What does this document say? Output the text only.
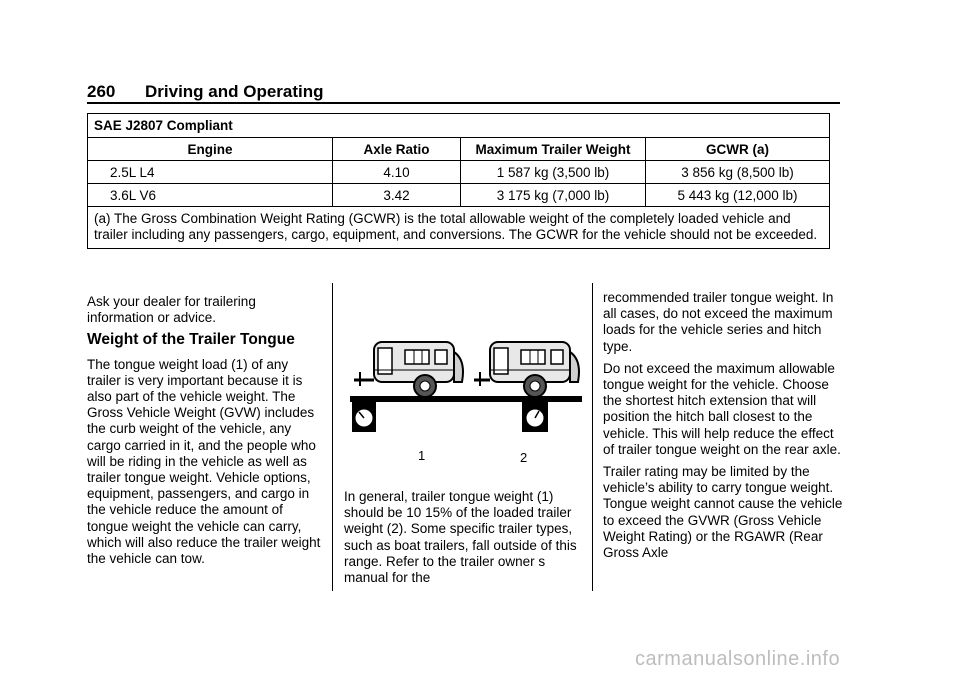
260 Driving and Operating
SAE J2807 Compliant			
Engine	Axle Ratio	Maximum Trailer Weight	GCWR (a)
2.5L L4	4.10	1 587 kg (3,500 lb)	3 856 kg (8,500 lb)
3.6L V6	3.42	3 175 kg (7,000 lb)	5 443 kg (12,000 lb)
(a) The Gross Combination Weight Rating (GCWR) is the total allowable weight of the completely loaded vehicle and trailer including any passengers, cargo, equipment, and conversions. The GCWR for the vehicle should not be exceeded.			

Ask your dealer for trailering information or advice.

Weight of the Trailer Tongue

The tongue weight load (1) of any trailer is very important because it is also part of the vehicle weight. The Gross Vehicle Weight (GVW) includes the curb weight of the vehicle, any cargo carried in it, and the people who will be riding in the vehicle as well as trailer tongue weight. Vehicle options, equipment, passengers, and cargo in the vehicle reduce the amount of tongue weight the vehicle can carry, which will also reduce the trailer weight the vehicle can tow.

1	2

In general, trailer tongue weight (1) should be 10 15% of the loaded trailer weight (2). Some specific trailer types, such as boat trailers, fall outside of this range. Refer to the trailer owner s manual for the

recommended trailer tongue weight. In all cases, do not exceed the maximum loads for the vehicle series and hitch type.

Do not exceed the maximum allowable tongue weight for the vehicle. Choose the shortest hitch extension that will position the hitch ball closest to the vehicle. This will help reduce the effect of trailer tongue weight on the rear axle.

Trailer rating may be limited by the vehicle’s ability to carry tongue weight. Tongue weight cannot cause the vehicle to exceed the GVWR (Gross Vehicle Weight Rating) or the RGAWR (Rear Gross Axle

carmanualsonline.info
